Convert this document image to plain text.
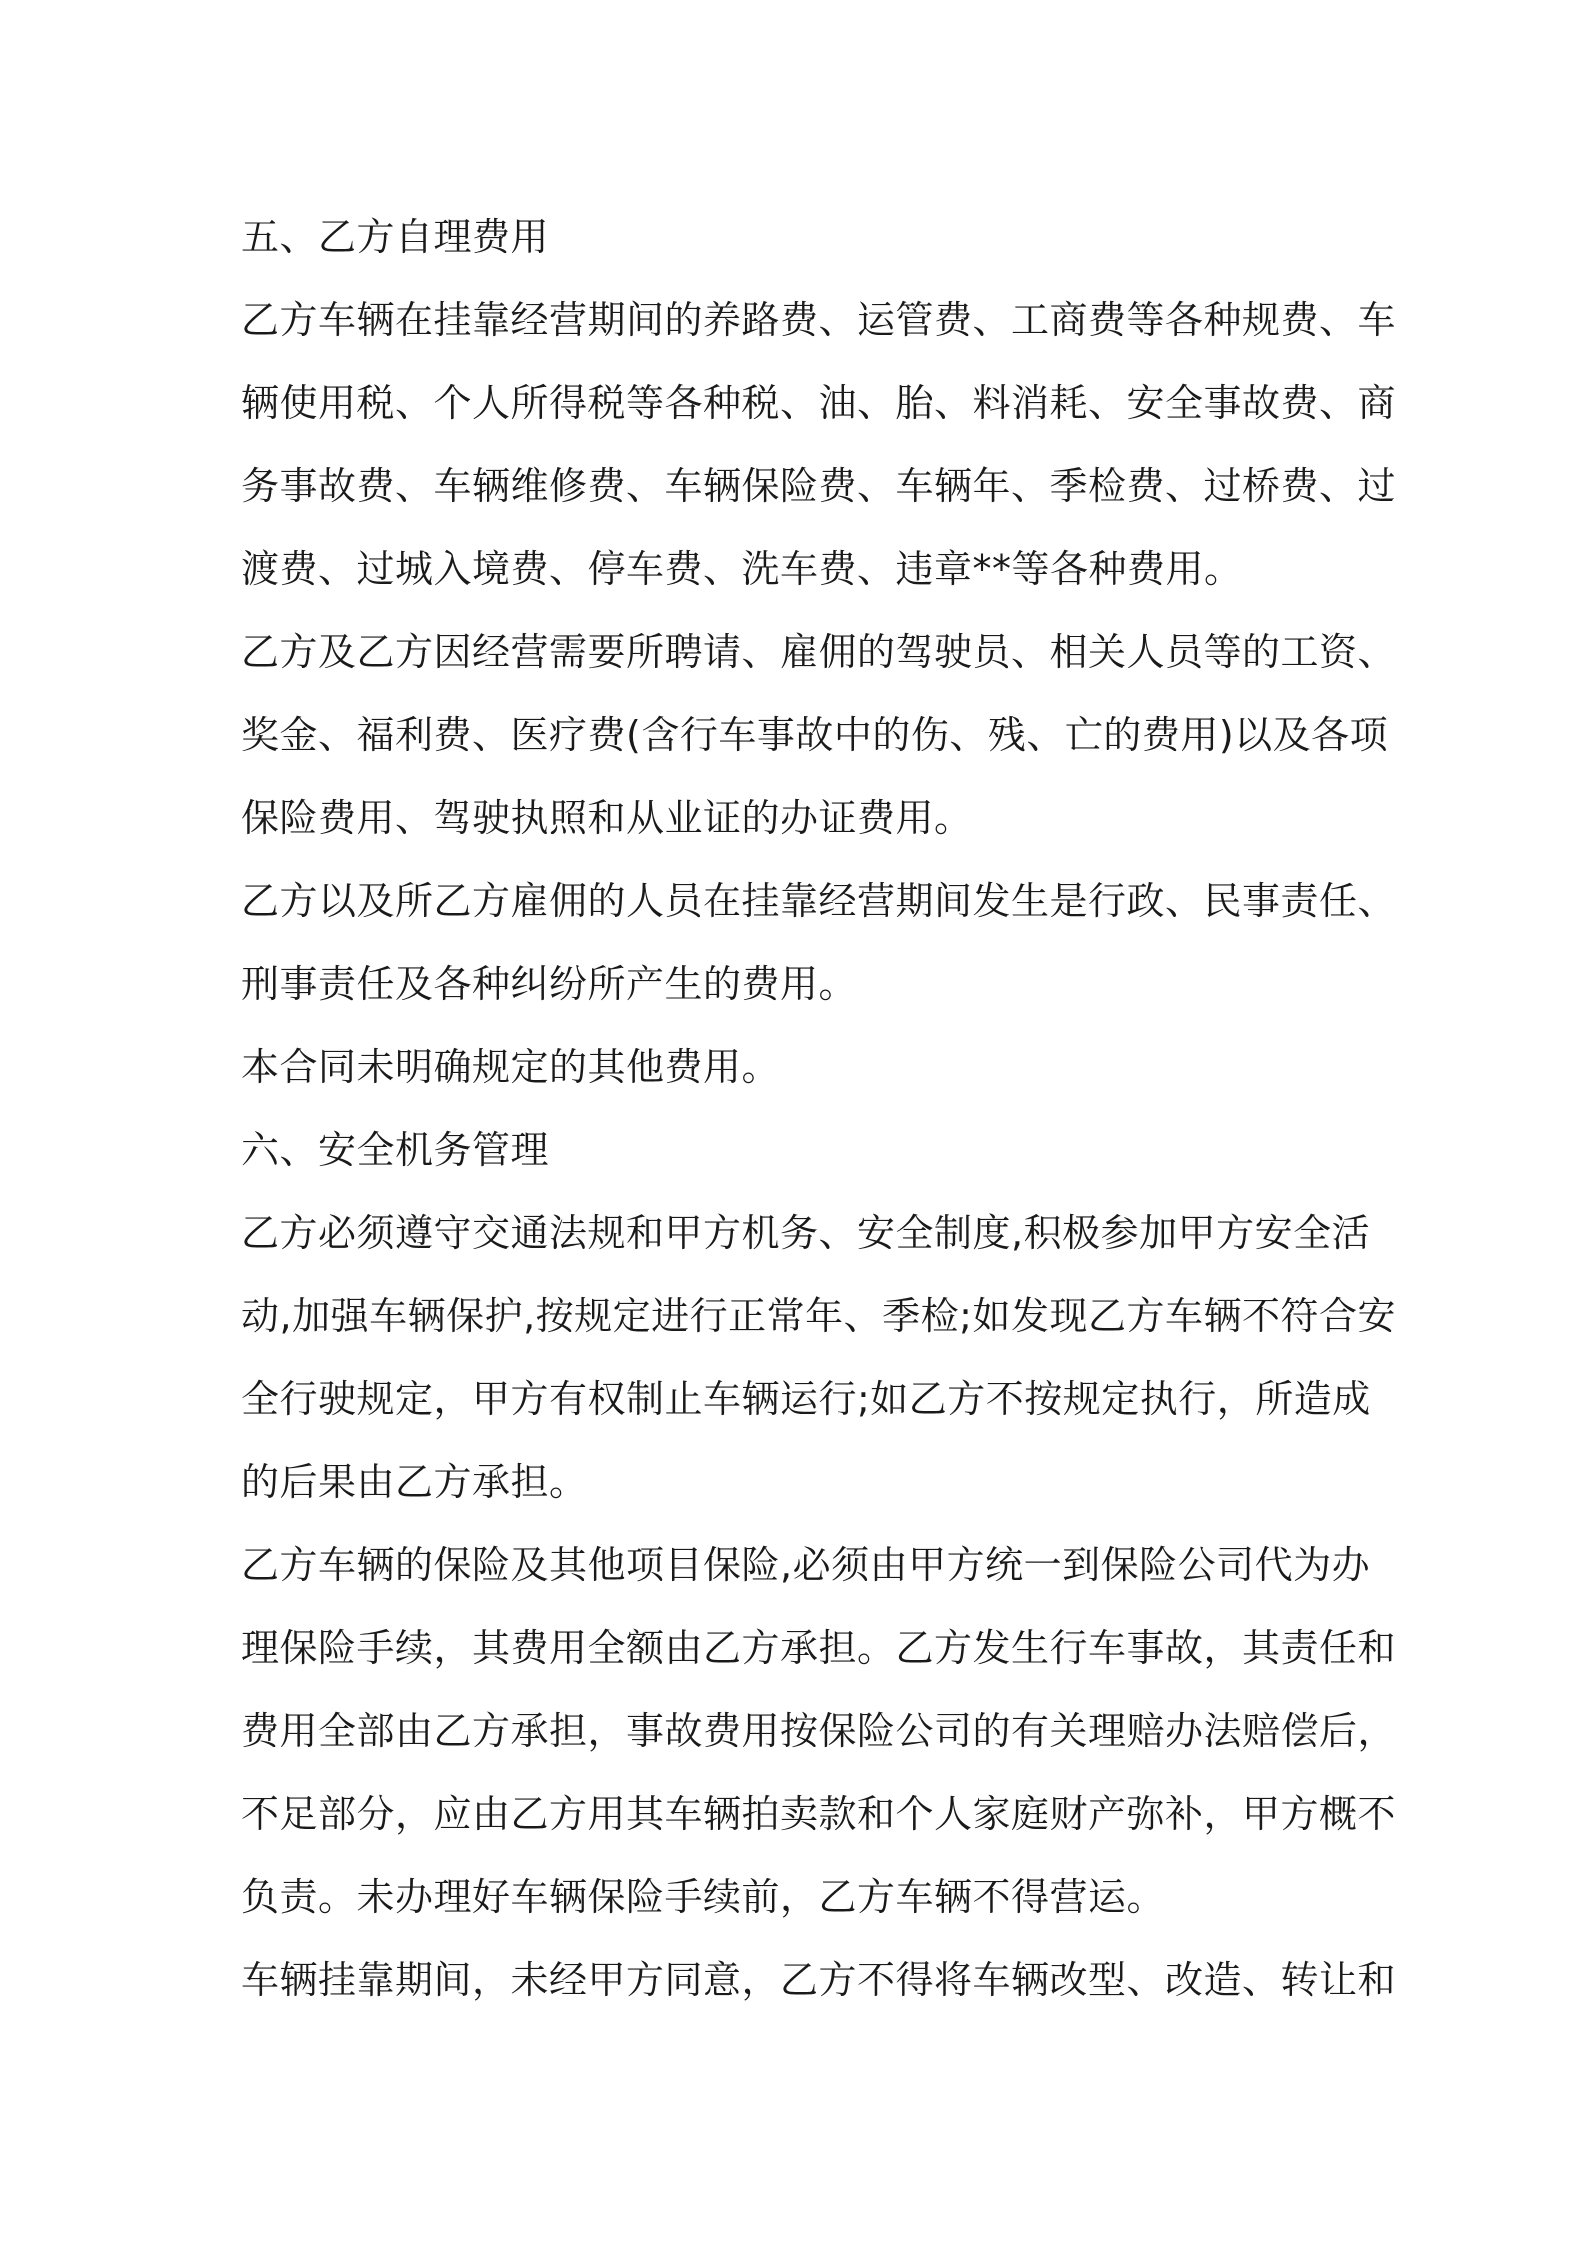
五、乙方自理费用
乙方车辆在挂靠经营期间的养路费、运管费、工商费等各种规费、车
辆使用税、个人所得税等各种税、油、胎、料消耗、安全事故费、商
务事故费、车辆维修费、车辆保险费、车辆年、季检费、过桥费、过
渡费、过城入境费、停车费、洗车费、违章**等各种费用。
乙方及乙方因经营需要所聘请、雇佣的驾驶员、相关人员等的工资、
奖金、福利费、医疗费(含行车事故中的伤、残、亡的费用)以及各项
保险费用、驾驶执照和从业证的办证费用。
乙方以及所乙方雇佣的人员在挂靠经营期间发生是行政、民事责任、
刑事责任及各种纠纷所产生的费用。
本合同未明确规定的其他费用。
六、安全机务管理
乙方必须遵守交通法规和甲方机务、安全制度,积极参加甲方安全活
动,加强车辆保护,按规定进行正常年、季检;如发现乙方车辆不符合安
全行驶规定，甲方有权制止车辆运行;如乙方不按规定执行，所造成
的后果由乙方承担。
乙方车辆的保险及其他项目保险,必须由甲方统一到保险公司代为办
理保险手续，其费用全额由乙方承担。乙方发生行车事故，其责任和
费用全部由乙方承担，事故费用按保险公司的有关理赔办法赔偿后，
不足部分，应由乙方用其车辆拍卖款和个人家庭财产弥补，甲方概不
负责。未办理好车辆保险手续前，乙方车辆不得营运。
车辆挂靠期间，未经甲方同意，乙方不得将车辆改型、改造、转让和
